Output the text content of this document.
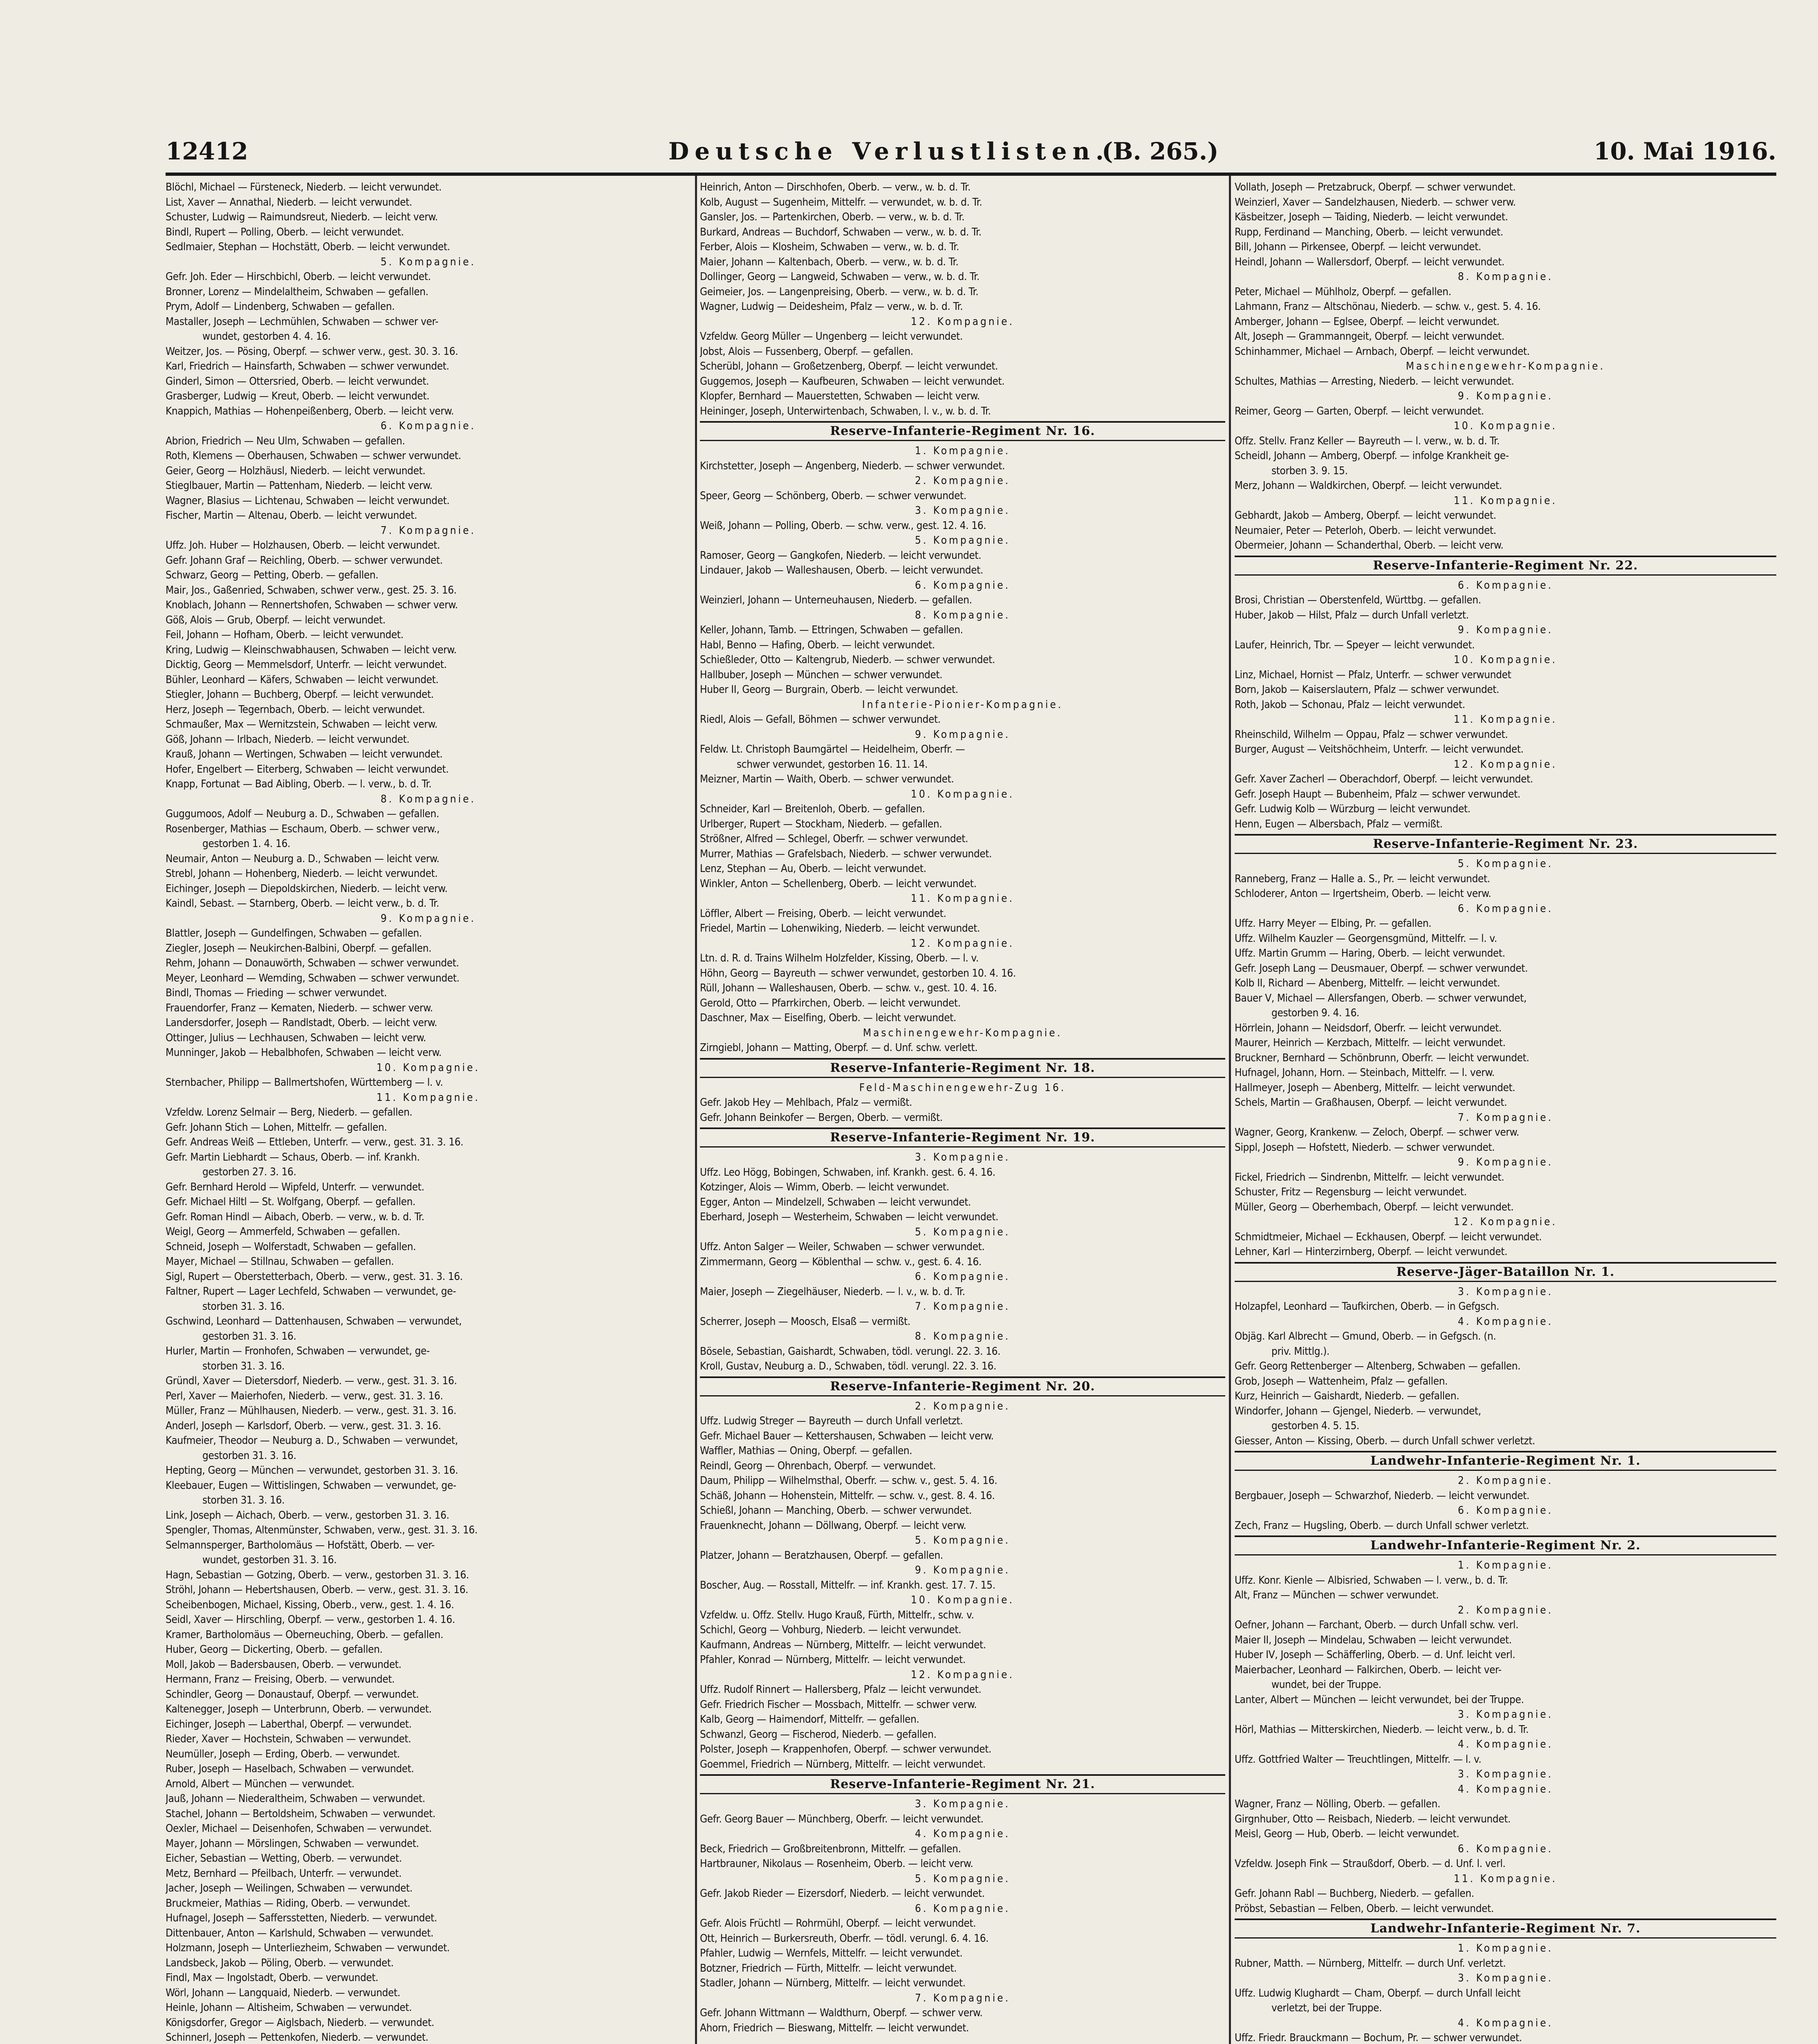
12412	Deutsche Verlustlisten.
(B. 265.)	10. Mai 1916.
Blöchl, Michael — Fürsteneck, Niederb. — leicht verwundet.
List, Xaver — Annathal, Niederb. — leicht verwundet.
Schuster, Ludwig — Raimundsreut, Niederb. — leicht verw.
Bindl, Rupert — Polling, Oberb. — leicht verwundet.
Sedlmaier, Stephan — Hochstätt, Oberb. — leicht verwundet.
5. Kompagnie.
Gefr. Joh. Eder — Hirschbichl, Oberb. — leicht verwundet.
Bronner, Lorenz — Mindelaltheim, Schwaben — gefallen.
Prym, Adolf — Lindenberg, Schwaben — gefallen.
Mastaller, Joseph — Lechmühlen, Schwaben — schwer ver-
wundet, gestorben 4. 4. 16.
Weitzer, Jos. — Pösing, Oberpf. — schwer verw., gest. 30. 3. 16.
Karl, Friedrich — Hainsfarth, Schwaben — schwer verwundet.
Ginderl, Simon — Ottersried, Oberb. — leicht verwundet.
Grasberger, Ludwig — Kreut, Oberb. — leicht verwundet.
Knappich, Mathias — Hohenpeißenberg, Oberb. — leicht verw.
6. Kompagnie.
Abrion, Friedrich — Neu Ulm, Schwaben — gefallen.
Roth, Klemens — Oberhausen, Schwaben — schwer verwundet.
Geier, Georg — Holzhäusl, Niederb. — leicht verwundet.
Stieglbauer, Martin — Pattenham, Niederb. — leicht verw.
Wagner, Blasius — Lichtenau, Schwaben — leicht verwundet.
Fischer, Martin — Altenau, Oberb. — leicht verwundet.
7. Kompagnie.
Uffz. Joh. Huber — Holzhausen, Oberb. — leicht verwundet.
Gefr. Johann Graf — Reichling, Oberb. — schwer verwundet.
Schwarz, Georg — Petting, Oberb. — gefallen.
Mair, Jos., Gaßenried, Schwaben, schwer verw., gest. 25. 3. 16.
Knoblach, Johann — Rennertshofen, Schwaben — schwer verw.
Göß, Alois — Grub, Oberpf. — leicht verwundet.
Feil, Johann — Hofham, Oberb. — leicht verwundet.
Kring, Ludwig — Kleinschwabhausen, Schwaben — leicht verw.
Dicktig, Georg — Memmelsdorf, Unterfr. — leicht verwundet.
Bühler, Leonhard — Käfers, Schwaben — leicht verwundet.
Stiegler, Johann — Buchberg, Oberpf. — leicht verwundet.
Herz, Joseph — Tegernbach, Oberb. — leicht verwundet.
Schmaußer, Max — Wernitzstein, Schwaben — leicht verw.
Göß, Johann — Irlbach, Niederb. — leicht verwundet.
Krauß, Johann — Wertingen, Schwaben — leicht verwundet.
Hofer, Engelbert — Eiterberg, Schwaben — leicht verwundet.
Knapp, Fortunat — Bad Aibling, Oberb. — l. verw., b. d. Tr.
8. Kompagnie.
Guggumoos, Adolf — Neuburg a. D., Schwaben — gefallen.
Rosenberger, Mathias — Eschaum, Oberb. — schwer verw.,
gestorben 1. 4. 16.
Neumair, Anton — Neuburg a. D., Schwaben — leicht verw.
Strebl, Johann — Hohenberg, Niederb. — leicht verwundet.
Eichinger, Joseph — Diepoldskirchen, Niederb. — leicht verw.
Kaindl, Sebast. — Starnberg, Oberb. — leicht verw., b. d. Tr.
9. Kompagnie.
Blattler, Joseph — Gundelfingen, Schwaben — gefallen.
Ziegler, Joseph — Neukirchen-Balbini, Oberpf. — gefallen.
Rehm, Johann — Donauwörth, Schwaben — schwer verwundet.
Meyer, Leonhard — Wemding, Schwaben — schwer verwundet.
Bindl, Thomas — Frieding — schwer verwundet.
Frauendorfer, Franz — Kematen, Niederb. — schwer verw.
Landersdorfer, Joseph — Randlstadt, Oberb. — leicht verw.
Ottinger, Julius — Lechhausen, Schwaben — leicht verw.
Munninger, Jakob — Hebalbhofen, Schwaben — leicht verw.
10. Kompagnie.
Sternbacher, Philipp — Ballmertshofen, Württemberg — l. v.
11. Kompagnie.
Vzfeldw. Lorenz Selmair — Berg, Niederb. — gefallen.
Gefr. Johann Stich — Lohen, Mittelfr. — gefallen.
Gefr. Andreas Weiß — Ettleben, Unterfr. — verw., gest. 31. 3. 16.
Gefr. Martin Liebhardt — Schaus, Oberb. — inf. Krankh.
gestorben 27. 3. 16.
Gefr. Bernhard Herold — Wipfeld, Unterfr. — verwundet.
Gefr. Michael Hiltl — St. Wolfgang, Oberpf. — gefallen.
Gefr. Roman Hindl — Aibach, Oberb. — verw., w. b. d. Tr.
Weigl, Georg — Ammerfeld, Schwaben — gefallen.
Schneid, Joseph — Wolferstadt, Schwaben — gefallen.
Mayer, Michael — Stillnau, Schwaben — gefallen.
Sigl, Rupert — Oberstetterbach, Oberb. — verw., gest. 31. 3. 16.
Faltner, Rupert — Lager Lechfeld, Schwaben — verwundet, ge-
storben 31. 3. 16.
Gschwind, Leonhard — Dattenhausen, Schwaben — verwundet,
gestorben 31. 3. 16.
Hurler, Martin — Fronhofen, Schwaben — verwundet, ge-
storben 31. 3. 16.
Gründl, Xaver — Dietersdorf, Niederb. — verw., gest. 31. 3. 16.
Perl, Xaver — Maierhofen, Niederb. — verw., gest. 31. 3. 16.
Müller, Franz — Mühlhausen, Niederb. — verw., gest. 31. 3. 16.
Anderl, Joseph — Karlsdorf, Oberb. — verw., gest. 31. 3. 16.
Kaufmeier, Theodor — Neuburg a. D., Schwaben — verwundet,
gestorben 31. 3. 16.
Hepting, Georg — München — verwundet, gestorben 31. 3. 16.
Kleebauer, Eugen — Wittislingen, Schwaben — verwundet, ge-
storben 31. 3. 16.
Link, Joseph — Aichach, Oberb. — verw., gestorben 31. 3. 16.
Spengler, Thomas, Altenmünster, Schwaben, verw., gest. 31. 3. 16.
Selmannsperger, Bartholomäus — Hofstätt, Oberb. — ver-
wundet, gestorben 31. 3. 16.
Hagn, Sebastian — Gotzing, Oberb. — verw., gestorben 31. 3. 16.
Ströhl, Johann — Hebertshausen, Oberb. — verw., gest. 31. 3. 16.
Scheibenbogen, Michael, Kissing, Oberb., verw., gest. 1. 4. 16.
Seidl, Xaver — Hirschling, Oberpf. — verw., gestorben 1. 4. 16.
Kramer, Bartholomäus — Oberneuching, Oberb. — gefallen.
Huber, Georg — Dickerting, Oberb. — gefallen.
Moll, Jakob — Badersbausen, Oberb. — verwundet.
Hermann, Franz — Freising, Oberb. — verwundet.
Schindler, Georg — Donaustauf, Oberpf. — verwundet.
Kaltenegger, Joseph — Unterbrunn, Oberb. — verwundet.
Eichinger, Joseph — Laberthal, Oberpf. — verwundet.
Rieder, Xaver — Hochstein, Schwaben — verwundet.
Neumüller, Joseph — Erding, Oberb. — verwundet.
Ruber, Joseph — Haselbach, Schwaben — verwundet.
Arnold, Albert — München — verwundet.
Jauß, Johann — Niederaltheim, Schwaben — verwundet.
Stachel, Johann — Bertoldsheim, Schwaben — verwundet.
Oexler, Michael — Deisenhofen, Schwaben — verwundet.
Mayer, Johann — Mörslingen, Schwaben — verwundet.
Eicher, Sebastian — Wetting, Oberb. — verwundet.
Metz, Bernhard — Pfeilbach, Unterfr. — verwundet.
Jacher, Joseph — Weilingen, Schwaben — verwundet.
Bruckmeier, Mathias — Riding, Oberb. — verwundet.
Hufnagel, Joseph — Saffersstetten, Niederb. — verwundet.
Dittenbauer, Anton — Karlshuld, Schwaben — verwundet.
Holzmann, Joseph — Unterliezheim, Schwaben — verwundet.
Landsbeck, Jakob — Pöling, Oberb. — verwundet.
Findl, Max — Ingolstadt, Oberb. — verwundet.
Wörl, Johann — Langquaid, Niederb. — verwundet.
Heinle, Johann — Altisheim, Schwaben — verwundet.
Königsdorfer, Gregor — Aiglsbach, Niederb. — verwundet.
Schinnerl, Joseph — Pettenkofen, Niederb. — verwundet.
Heinrich, Anton — Dirschhofen, Oberb. — verw., w. b. d. Tr.
Kolb, August — Sugenheim, Mittelfr. — verwundet, w. b. d. Tr.
Gansler, Jos. — Partenkirchen, Oberb. — verw., w. b. d. Tr.
Burkard, Andreas — Buchdorf, Schwaben — verw., w. b. d. Tr.
Ferber, Alois — Klosheim, Schwaben — verw., w. b. d. Tr.
Maier, Johann — Kaltenbach, Oberb. — verw., w. b. d. Tr.
Dollinger, Georg — Langweid, Schwaben — verw., w. b. d. Tr.
Geimeier, Jos. — Langenpreising, Oberb. — verw., w. b. d. Tr.
Wagner, Ludwig — Deidesheim, Pfalz — verw., w. b. d. Tr.
12. Kompagnie.
Vzfeldw. Georg Müller — Ungenberg — leicht verwundet.
Jobst, Alois — Fussenberg, Oberpf. — gefallen.
Scherübl, Johann — Großetzenberg, Oberpf. — leicht verwundet.
Guggemos, Joseph — Kaufbeuren, Schwaben — leicht verwundet.
Klopfer, Bernhard — Mauerstetten, Schwaben — leicht verw.
Heininger, Joseph, Unterwirtenbach, Schwaben, l. v., w. b. d. Tr.
Reserve-Infanterie-Regiment Nr. 16.
1. Kompagnie.
Kirchstetter, Joseph — Angenberg, Niederb. — schwer verwundet.
2. Kompagnie.
Speer, Georg — Schönberg, Oberb. — schwer verwundet.
3. Kompagnie.
Weiß, Johann — Polling, Oberb. — schw. verw., gest. 12. 4. 16.
5. Kompagnie.
Ramoser, Georg — Gangkofen, Niederb. — leicht verwundet.
Lindauer, Jakob — Walleshausen, Oberb. — leicht verwundet.
6. Kompagnie.
Weinzierl, Johann — Unterneuhausen, Niederb. — gefallen.
8. Kompagnie.
Keller, Johann, Tamb. — Ettringen, Schwaben — gefallen.
Habl, Benno — Hafing, Oberb. — leicht verwundet.
Schießleder, Otto — Kaltengrub, Niederb. — schwer verwundet.
Hallbuber, Joseph — München — schwer verwundet.
Huber II, Georg — Burgrain, Oberb. — leicht verwundet.
Infanterie-Pionier-Kompagnie.
Riedl, Alois — Gefall, Böhmen — schwer verwundet.
9. Kompagnie.
Feldw. Lt. Christoph Baumgärtel — Heidelheim, Oberfr. —
schwer verwundet, gestorben 16. 11. 14.
Meizner, Martin — Waith, Oberb. — schwer verwundet.
10. Kompagnie.
Schneider, Karl — Breitenloh, Oberb. — gefallen.
Urlberger, Rupert — Stockham, Niederb. — gefallen.
Strößner, Alfred — Schlegel, Oberfr. — schwer verwundet.
Murrer, Mathias — Grafelsbach, Niederb. — schwer verwundet.
Lenz, Stephan — Au, Oberb. — leicht verwundet.
Winkler, Anton — Schellenberg, Oberb. — leicht verwundet.
11. Kompagnie.
Löffler, Albert — Freising, Oberb. — leicht verwundet.
Friedel, Martin — Lohenwiking, Niederb. — leicht verwundet.
12. Kompagnie.
Ltn. d. R. d. Trains Wilhelm Holzfelder, Kissing, Oberb. — l. v.
Höhn, Georg — Bayreuth — schwer verwundet, gestorben 10. 4. 16.
Rüll, Johann — Walleshausen, Oberb. — schw. v., gest. 10. 4. 16.
Gerold, Otto — Pfarrkirchen, Oberb. — leicht verwundet.
Daschner, Max — Eiselfing, Oberb. — leicht verwundet.
Maschinengewehr-Kompagnie.
Zirngiebl, Johann — Matting, Oberpf. — d. Unf. schw. verlett.
Reserve-Infanterie-Regiment Nr. 18.
Feld-Maschinengewehr-Zug 16.
Gefr. Jakob Hey — Mehlbach, Pfalz — vermißt.
Gefr. Johann Beinkofer — Bergen, Oberb. — vermißt.
Reserve-Infanterie-Regiment Nr. 19.
3. Kompagnie.
Uffz. Leo Högg, Bobingen, Schwaben, inf. Krankh. gest. 6. 4. 16.
Kotzinger, Alois — Wimm, Oberb. — leicht verwundet.
Egger, Anton — Mindelzell, Schwaben — leicht verwundet.
Eberhard, Joseph — Westerheim, Schwaben — leicht verwundet.
5. Kompagnie.
Uffz. Anton Salger — Weiler, Schwaben — schwer verwundet.
Zimmermann, Georg — Köblenthal — schw. v., gest. 6. 4. 16.
6. Kompagnie.
Maier, Joseph — Ziegelhäuser, Niederb. — l. v., w. b. d. Tr.
7. Kompagnie.
Scherrer, Joseph — Moosch, Elsaß — vermißt.
8. Kompagnie.
Bösele, Sebastian, Gaishardt, Schwaben, tödl. verungl. 22. 3. 16.
Kroll, Gustav, Neuburg a. D., Schwaben, tödl. verungl. 22. 3. 16.
Reserve-Infanterie-Regiment Nr. 20.
2. Kompagnie.
Uffz. Ludwig Streger — Bayreuth — durch Unfall verletzt.
Gefr. Michael Bauer — Kettershausen, Schwaben — leicht verw.
Waffler, Mathias — Oning, Oberpf. — gefallen.
Reindl, Georg — Ohrenbach, Oberpf. — verwundet.
Daum, Philipp — Wilhelmsthal, Oberfr. — schw. v., gest. 5. 4. 16.
Schäß, Johann — Hohenstein, Mittelfr. — schw. v., gest. 8. 4. 16.
Schießl, Johann — Manching, Oberb. — schwer verwundet.
Frauenknecht, Johann — Döllwang, Oberpf. — leicht verw.
5. Kompagnie.
Platzer, Johann — Beratzhausen, Oberpf. — gefallen.
9. Kompagnie.
Boscher, Aug. — Rosstall, Mittelfr. — inf. Krankh. gest. 17. 7. 15.
10. Kompagnie.
Vzfeldw. u. Offz. Stellv. Hugo Krauß, Fürth, Mittelfr., schw. v.
Schichl, Georg — Vohburg, Niederb. — leicht verwundet.
Kaufmann, Andreas — Nürnberg, Mittelfr. — leicht verwundet.
Pfahler, Konrad — Nürnberg, Mittelfr. — leicht verwundet.
12. Kompagnie.
Uffz. Rudolf Rinnert — Hallersberg, Pfalz — leicht verwundet.
Gefr. Friedrich Fischer — Mossbach, Mittelfr. — schwer verw.
Kalb, Georg — Haimendorf, Mittelfr. — gefallen.
Schwanzl, Georg — Fischerod, Niederb. — gefallen.
Polster, Joseph — Krappenhofen, Oberpf. — schwer verwundet.
Goemmel, Friedrich — Nürnberg, Mittelfr. — leicht verwundet.
Reserve-Infanterie-Regiment Nr. 21.
3. Kompagnie.
Gefr. Georg Bauer — Münchberg, Oberfr. — leicht verwundet.
4. Kompagnie.
Beck, Friedrich — Großbreitenbronn, Mittelfr. — gefallen.
Hartbrauner, Nikolaus — Rosenheim, Oberb. — leicht verw.
5. Kompagnie.
Gefr. Jakob Rieder — Eizersdorf, Niederb. — leicht verwundet.
6. Kompagnie.
Gefr. Alois Früchtl — Rohrmühl, Oberpf. — leicht verwundet.
Ott, Heinrich — Burkersreuth, Oberfr. — tödl. verungl. 6. 4. 16.
Pfahler, Ludwig — Wernfels, Mittelfr. — leicht verwundet.
Botzner, Friedrich — Fürth, Mittelfr. — leicht verwundet.
Stadler, Johann — Nürnberg, Mittelfr. — leicht verwundet.
7. Kompagnie.
Gefr. Johann Wittmann — Waldthurn, Oberpf. — schwer verw.
Ahorn, Friedrich — Bieswang, Mittelfr. — leicht verwundet.
Vollath, Joseph — Pretzabruck, Oberpf. — schwer verwundet.
Weinzierl, Xaver — Sandelzhausen, Niederb. — schwer verw.
Käsbeitzer, Joseph — Taiding, Niederb. — leicht verwundet.
Rupp, Ferdinand — Manching, Oberb. — leicht verwundet.
Bill, Johann — Pirkensee, Oberpf. — leicht verwundet.
Heindl, Johann — Wallersdorf, Oberpf. — leicht verwundet.
8. Kompagnie.
Peter, Michael — Mühlholz, Oberpf. — gefallen.
Lahmann, Franz — Altschönau, Niederb. — schw. v., gest. 5. 4. 16.
Amberger, Johann — Eglsee, Oberpf. — leicht verwundet.
Alt, Joseph — Grammanngeit, Oberpf. — leicht verwundet.
Schinhammer, Michael — Arnbach, Oberpf. — leicht verwundet.
Maschinengewehr-Kompagnie.
Schultes, Mathias — Arresting, Niederb. — leicht verwundet.
9. Kompagnie.
Reimer, Georg — Garten, Oberpf. — leicht verwundet.
10. Kompagnie.
Offz. Stellv. Franz Keller — Bayreuth — l. verw., w. b. d. Tr.
Scheidl, Johann — Amberg, Oberpf. — infolge Krankheit ge-
storben 3. 9. 15.
Merz, Johann — Waldkirchen, Oberpf. — leicht verwundet.
11. Kompagnie.
Gebhardt, Jakob — Amberg, Oberpf. — leicht verwundet.
Neumaier, Peter — Peterloh, Oberb. — leicht verwundet.
Obermeier, Johann — Schanderthal, Oberb. — leicht verw.
Reserve-Infanterie-Regiment Nr. 22.
6. Kompagnie.
Brosi, Christian — Oberstenfeld, Württbg. — gefallen.
Huber, Jakob — Hilst, Pfalz — durch Unfall verletzt.
9. Kompagnie.
Laufer, Heinrich, Tbr. — Speyer — leicht verwundet.
10. Kompagnie.
Linz, Michael, Hornist — Pfalz, Unterfr. — schwer verwundet
Born, Jakob — Kaiserslautern, Pfalz — schwer verwundet.
Roth, Jakob — Schonau, Pfalz — leicht verwundet.
11. Kompagnie.
Rheinschild, Wilhelm — Oppau, Pfalz — schwer verwundet.
Burger, August — Veitshöchheim, Unterfr. — leicht verwundet.
12. Kompagnie.
Gefr. Xaver Zacherl — Oberachdorf, Oberpf. — leicht verwundet.
Gefr. Joseph Haupt — Bubenheim, Pfalz — schwer verwundet.
Gefr. Ludwig Kolb — Würzburg — leicht verwundet.
Henn, Eugen — Albersbach, Pfalz — vermißt.
Reserve-Infanterie-Regiment Nr. 23.
5. Kompagnie.
Ranneberg, Franz — Halle a. S., Pr. — leicht verwundet.
Schloderer, Anton — Irgertsheim, Oberb. — leicht verw.
6. Kompagnie.
Uffz. Harry Meyer — Elbing, Pr. — gefallen.
Uffz. Wilhelm Kauzler — Georgensgmünd, Mittelfr. — l. v.
Uffz. Martin Grumm — Haring, Oberb. — leicht verwundet.
Gefr. Joseph Lang — Deusmauer, Oberpf. — schwer verwundet.
Kolb II, Richard — Abenberg, Mittelfr. — leicht verwundet.
Bauer V, Michael — Allersfangen, Oberb. — schwer verwundet,
gestorben 9. 4. 16.
Hörrlein, Johann — Neidsdorf, Oberfr. — leicht verwundet.
Maurer, Heinrich — Kerzbach, Mittelfr. — leicht verwundet.
Bruckner, Bernhard — Schönbrunn, Oberfr. — leicht verwundet.
Hufnagel, Johann, Horn. — Steinbach, Mittelfr. — l. verw.
Hallmeyer, Joseph — Abenberg, Mittelfr. — leicht verwundet.
Schels, Martin — Graßhausen, Oberpf. — leicht verwundet.
7. Kompagnie.
Wagner, Georg, Krankenw. — Zeloch, Oberpf. — schwer verw.
Sippl, Joseph — Hofstett, Niederb. — schwer verwundet.
9. Kompagnie.
Fickel, Friedrich — Sindrenbn, Mittelfr. — leicht verwundet.
Schuster, Fritz — Regensburg — leicht verwundet.
Müller, Georg — Oberhembach, Oberpf. — leicht verwundet.
12. Kompagnie.
Schmidtmeier, Michael — Eckhausen, Oberpf. — leicht verwundet.
Lehner, Karl — Hinterzirnberg, Oberpf. — leicht verwundet.
Reserve-Jäger-Bataillon Nr. 1.
3. Kompagnie.
Holzapfel, Leonhard — Taufkirchen, Oberb. — in Gefgsch.
4. Kompagnie.
Objäg. Karl Albrecht — Gmund, Oberb. — in Gefgsch. (n.
priv. Mittlg.).
Gefr. Georg Rettenberger — Altenberg, Schwaben — gefallen.
Grob, Joseph — Wattenheim, Pfalz — gefallen.
Kurz, Heinrich — Gaishardt, Niederb. — gefallen.
Windorfer, Johann — Gjengel, Niederb. — verwundet,
gestorben 4. 5. 15.
Giesser, Anton — Kissing, Oberb. — durch Unfall schwer verletzt.
Landwehr-Infanterie-Regiment Nr. 1.
2. Kompagnie.
Bergbauer, Joseph — Schwarzhof, Niederb. — leicht verwundet.
6. Kompagnie.
Zech, Franz — Hugsling, Oberb. — durch Unfall schwer verletzt.
Landwehr-Infanterie-Regiment Nr. 2.
1. Kompagnie.
Uffz. Konr. Kienle — Albisried, Schwaben — l. verw., b. d. Tr.
Alt, Franz — München — schwer verwundet.
2. Kompagnie.
Oefner, Johann — Farchant, Oberb. — durch Unfall schw. verl.
Maier II, Joseph — Mindelau, Schwaben — leicht verwundet.
Huber IV, Joseph — Schäfferling, Oberb. — d. Unf. leicht verl.
Maierbacher, Leonhard — Falkirchen, Oberb. — leicht ver-
wundet, bei der Truppe.
Lanter, Albert — München — leicht verwundet, bei der Truppe.
3. Kompagnie.
Hörl, Mathias — Mitterskirchen, Niederb. — leicht verw., b. d. Tr.
4. Kompagnie.
Uffz. Gottfried Walter — Treuchtlingen, Mittelfr. — l. v.
3. Kompagnie.
4. Kompagnie.
Wagner, Franz — Nölling, Oberb. — gefallen.
Girgnhuber, Otto — Reisbach, Niederb. — leicht verwundet.
Meisl, Georg — Hub, Oberb. — leicht verwundet.
6. Kompagnie.
Vzfeldw. Joseph Fink — Straußdorf, Oberb. — d. Unf. l. verl.
11. Kompagnie.
Gefr. Johann Rabl — Buchberg, Niederb. — gefallen.
Pröbst, Sebastian — Felben, Oberb. — leicht verwundet.
Landwehr-Infanterie-Regiment Nr. 7.
1. Kompagnie.
Rubner, Matth. — Nürnberg, Mittelfr. — durch Unf. verletzt.
3. Kompagnie.
Uffz. Ludwig Klughardt — Cham, Oberpf. — durch Unfall leicht
verletzt, bei der Truppe.
4. Kompagnie.
Uffz. Friedr. Brauckmann — Bochum, Pr. — schwer verwundet.
